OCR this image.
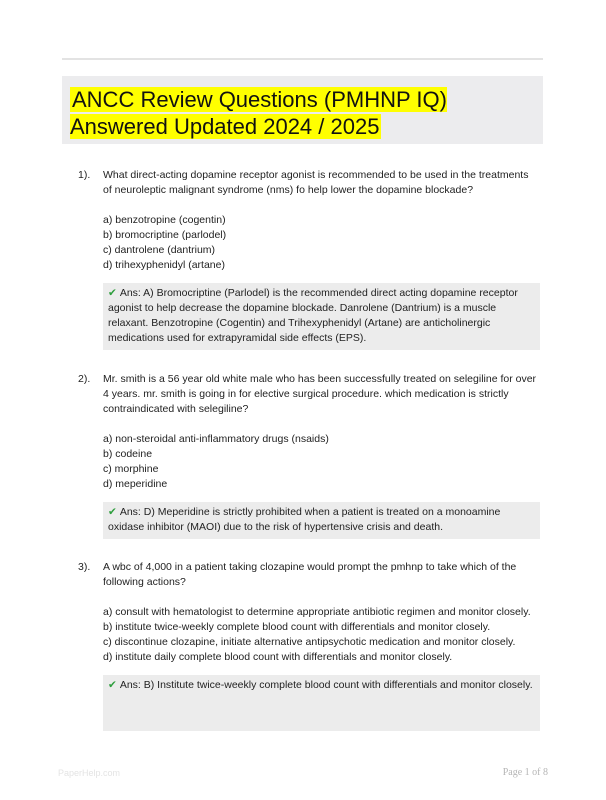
ANCC Review Questions (PMHNP IQ) Answered Updated 2024 / 2025
1).	What direct-acting dopamine receptor agonist is recommended to be used in the treatments of neuroleptic malignant syndrome (nms) fo help lower the dopamine blockade?

a) benzotropine (cogentin)
b) bromocriptine (parlodel)
c) dantrolene (dantrium)
d) trihexyphenidyl (artane)
✔ Ans: A) Bromocriptine (Parlodel) is the recommended direct acting dopamine receptor agonist to help decrease the dopamine blockade. Danrolene (Dantrium) is a muscle relaxant. Benzotropine (Cogentin) and Trihexyphenidyl (Artane) are anticholinergic medications used for extrapyramidal side effects (EPS).
2).	Mr. smith is a 56 year old white male who has been successfully treated on selegiline for over 4 years. mr. smith is going in for elective surgical procedure. which medication is strictly contraindicated with selegiline?

a) non-steroidal anti-inflammatory drugs (nsaids)
b) codeine
c) morphine
d) meperidine
✔ Ans: D) Meperidine is strictly prohibited when a patient is treated on a monoamine oxidase inhibitor (MAOI) due to the risk of hypertensive crisis and death.
3).	A wbc of 4,000 in a patient taking clozapine would prompt the pmhnp to take which of the following actions?

a) consult with hematologist to determine appropriate antibiotic regimen and monitor closely.
b) institute twice-weekly complete blood count with differentials and monitor closely.
c) discontinue clozapine, initiate alternative antipsychotic medication and monitor closely.
d) institute daily complete blood count with differentials and monitor closely.
✔ Ans: B) Institute twice-weekly complete blood count with differentials and monitor closely.
PaperHelp.com	Page 1 of 8
